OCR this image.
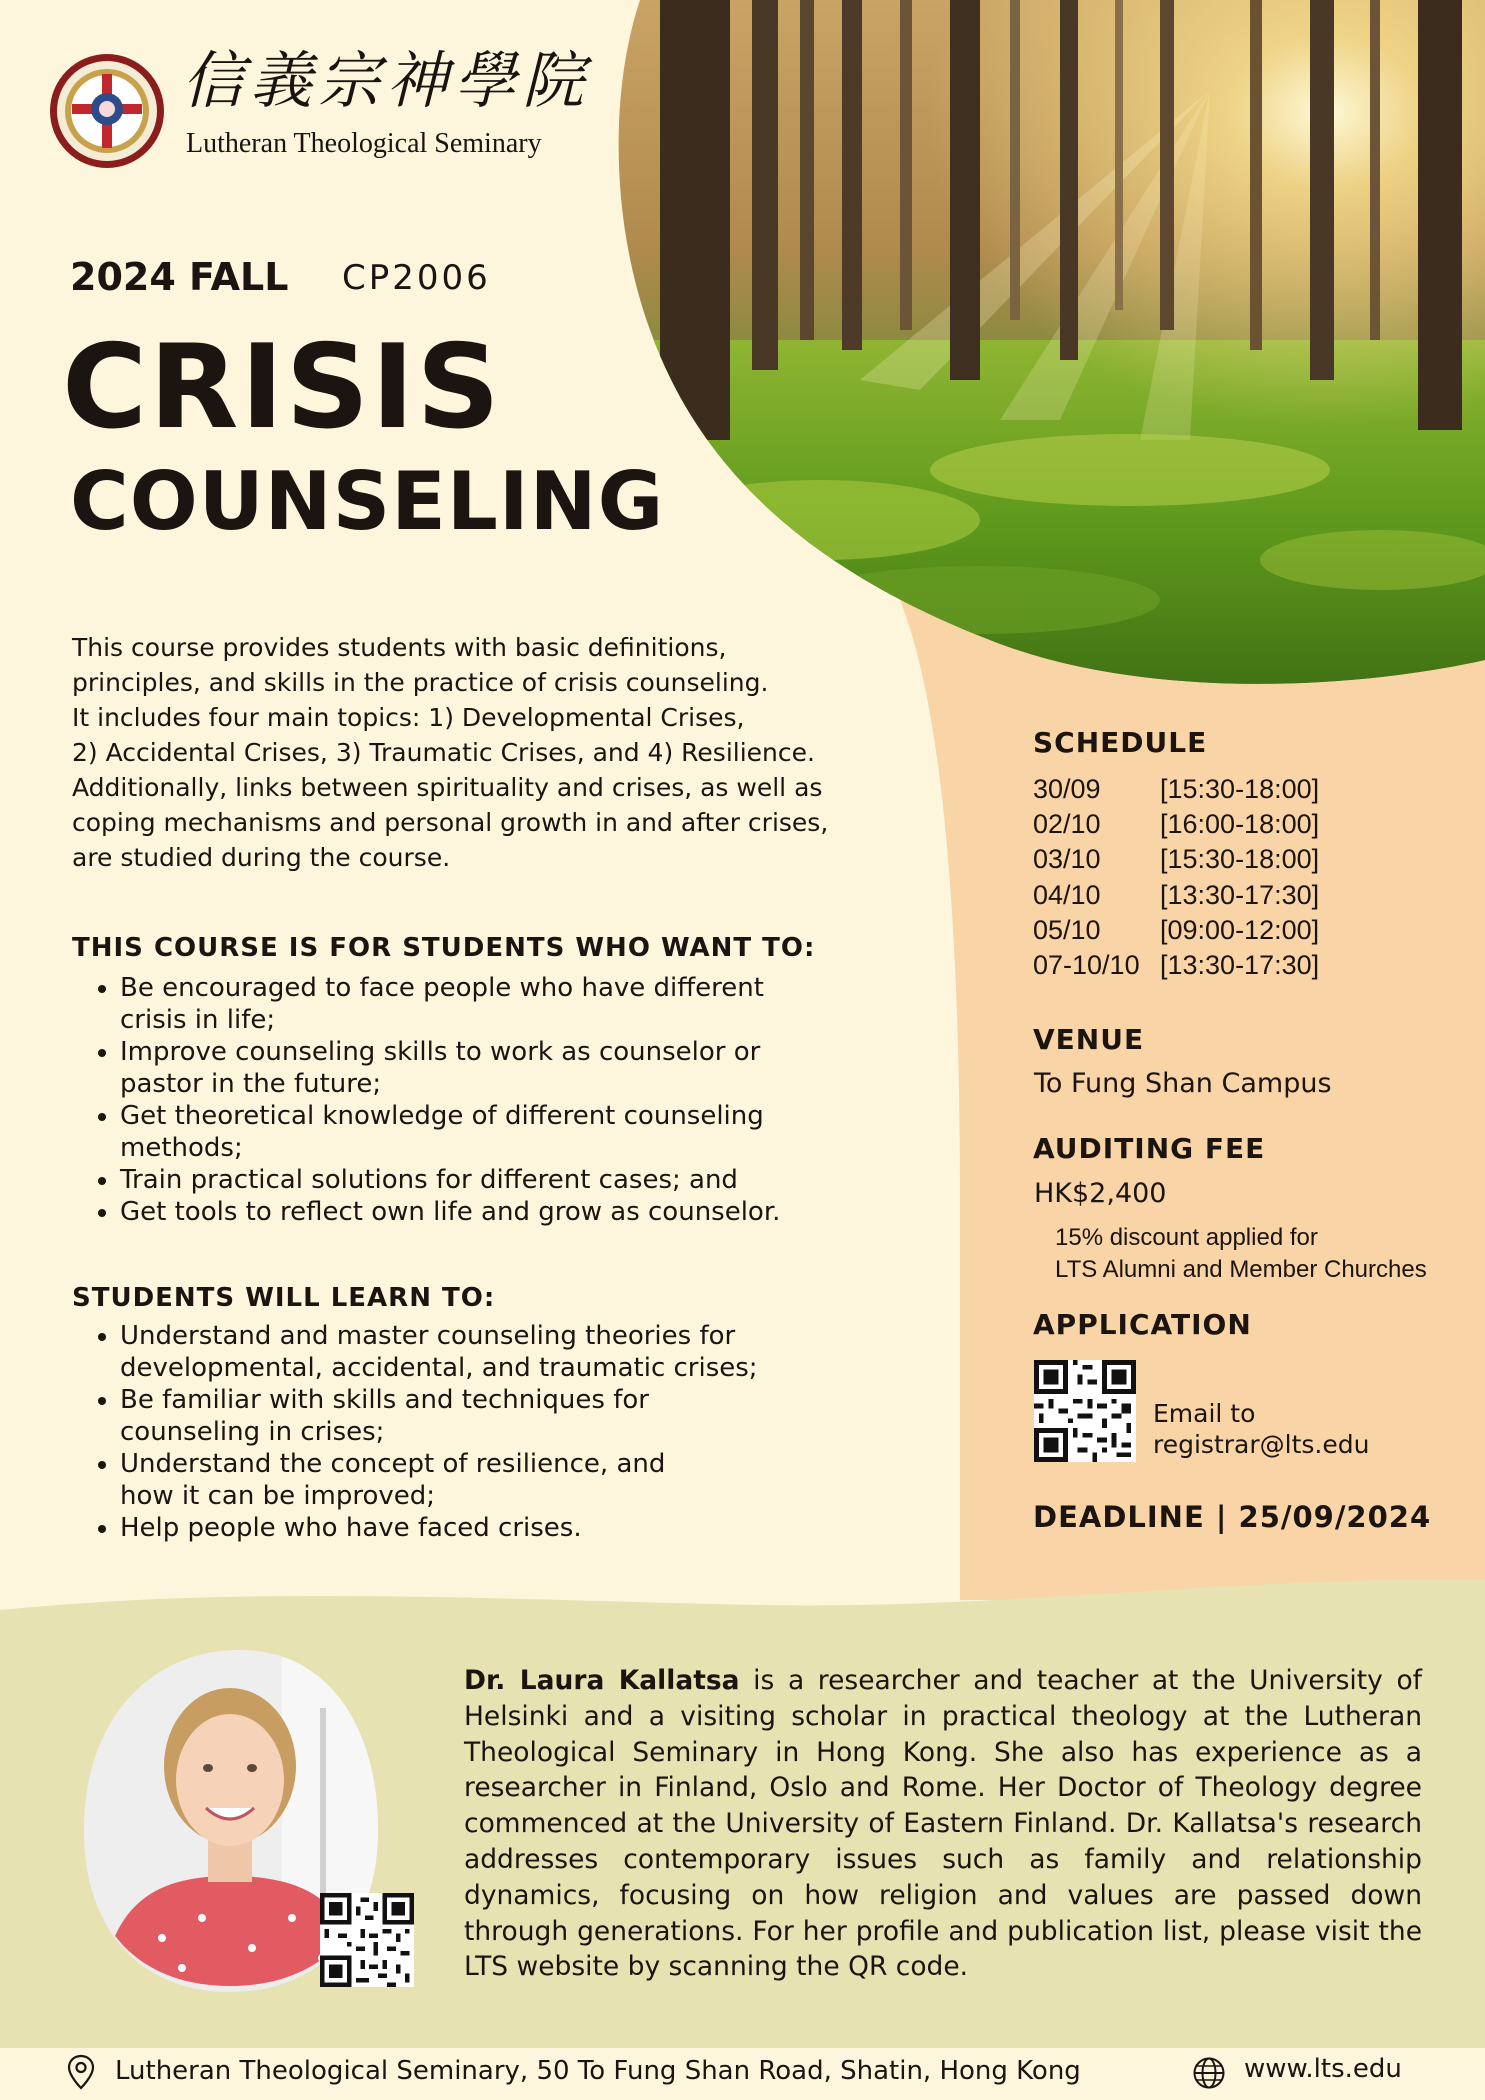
信義宗神學院
Lutheran Theological Seminary
2024 FALL CP2006
CRISIS
COUNSELING
This course provides students with basic definitions,
principles, and skills in the practice of crisis counseling.
It includes four main topics: 1) Developmental Crises,
2) Accidental Crises, 3) Traumatic Crises, and 4) Resilience.
Additionally, links between spirituality and crises, as well as
coping mechanisms and personal growth in and after crises,
are studied during the course.
THIS COURSE IS FOR STUDENTS WHO WANT TO:
• Be encouraged to face people who have different
crisis in life;
• Improve counseling skills to work as counselor or
pastor in the future;
• Get theoretical knowledge of different counseling
methods;
• Train practical solutions for different cases; and
• Get tools to reflect own life and grow as counselor.
STUDENTS WILL LEARN TO:
• Understand and master counseling theories for
developmental, accidental, and traumatic crises;
• Be familiar with skills and techniques for
counseling in crises;
• Understand the concept of resilience, and
how it can be improved;
• Help people who have faced crises.
SCHEDULE
30/09	[15:30-18:00]
02/10	[16:00-18:00]
03/10	[15:30-18:00]
04/10	[13:30-17:30]
05/10	[09:00-12:00]
07-10/10	[13:30-17:30]
VENUE
To Fung Shan Campus
AUDITING FEE
HK$2,400
15% discount applied for
LTS Alumni and Member Churches
APPLICATION
Email to
registrar@lts.edu
DEADLINE | 25/09/2024
Dr. Laura Kallatsa is a researcher and teacher at the University of Helsinki and a visiting scholar in practical theology at the Lutheran Theological Seminary in Hong Kong. She also has experience as a researcher in Finland, Oslo and Rome. Her Doctor of Theology degree commenced at the University of Eastern Finland. Dr. Kallatsa's research addresses contemporary issues such as family and relationship dynamics, focusing on how religion and values are passed down through generations. For her profile and publication list, please visit the LTS website by scanning the QR code.
Lutheran Theological Seminary, 50 To Fung Shan Road, Shatin, Hong Kong	www.lts.edu
